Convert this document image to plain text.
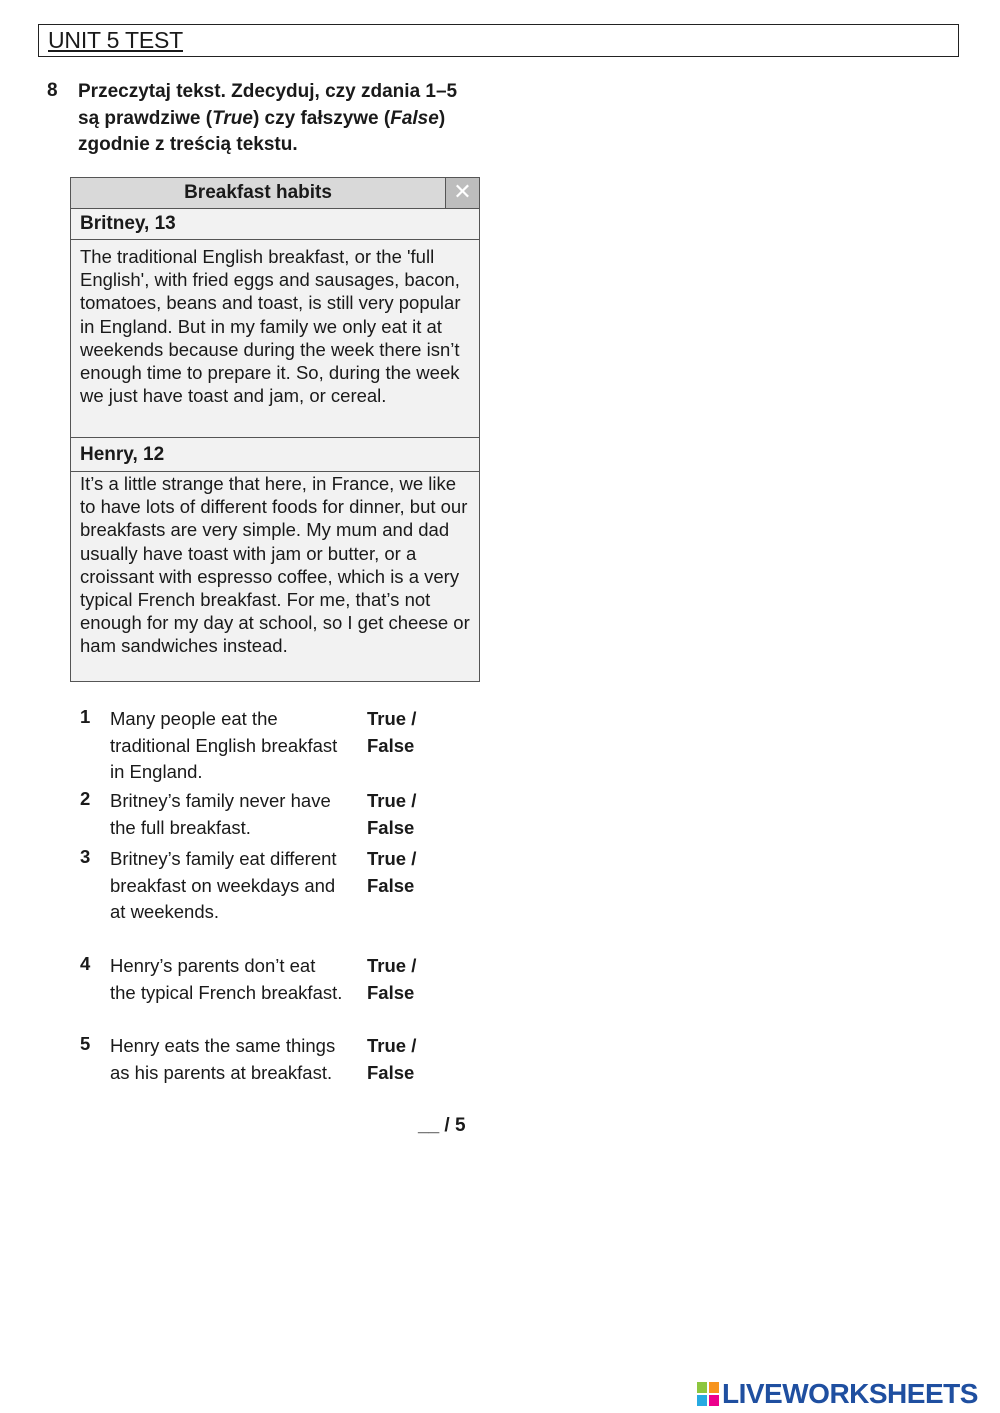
UNIT 5 TEST
8 Przeczytaj tekst. Zdecyduj, czy zdania 1–5 są prawdziwe (True) czy fałszywe (False) zgodnie z treścią tekstu.
Breakfast habits	✕
Britney, 13
The traditional English breakfast, or the 'full English', with fried eggs and sausages, bacon, tomatoes, beans and toast, is still very popular in England. But in my family we only eat it at weekends because during the week there isn’t enough time to prepare it. So, during the week we just have toast and jam, or cereal.
Henry, 12
It’s a little strange that here, in France, we like to have lots of different foods for dinner, but our breakfasts are very simple. My mum and dad usually have toast with jam or butter, or a croissant with espresso coffee, which is a very typical French breakfast. For me, that’s not enough for my day at school, so I get cheese or ham sandwiches instead.
1 Many people eat the traditional English breakfast in England.
True /
False
2 Britney’s family never have the full breakfast.
True /
False
3 Britney’s family eat different breakfast on weekdays and at weekends.
True /
False
4 Henry’s parents don’t eat the typical French breakfast.
True /
False
5 Henry eats the same things as his parents at breakfast.
True /
False
__ / 5
LIVEWORKSHEETS
